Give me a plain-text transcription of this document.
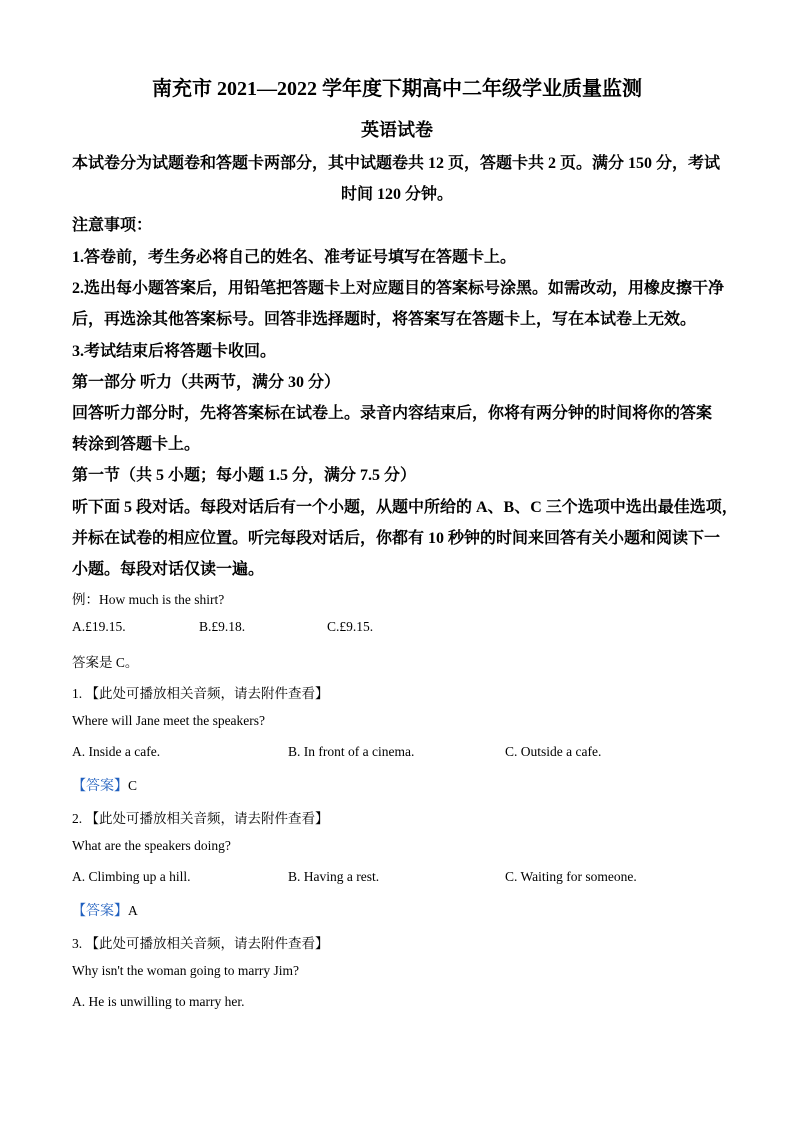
南充市 2021—2022 学年度下期高中二年级学业质量监测
英语试卷
本试卷分为试题卷和答题卡两部分，其中试题卷共 12 页，答题卡共 2 页。满分 150 分，考试
时间 120 分钟。
注意事项：
1.答卷前，考生务必将自己的姓名、准考证号填写在答题卡上。
2.选出每小题答案后，用铅笔把答题卡上对应题目的答案标号涂黑。如需改动，用橡皮擦干净
后，再选涂其他答案标号。回答非选择题时，将答案写在答题卡上，写在本试卷上无效。
3.考试结束后将答题卡收回。
第一部分 听力（共两节，满分 30 分）
回答听力部分时，先将答案标在试卷上。录音内容结束后，你将有两分钟的时间将你的答案
转涂到答题卡上。
第一节（共 5 小题；每小题 1.5 分，满分 7.5 分）
听下面 5 段对话。每段对话后有一个小题，从题中所给的 A、B、C 三个选项中选出最佳选项，
并标在试卷的相应位置。听完每段对话后，你都有 10 秒钟的时间来回答有关小题和阅读下一
小题。每段对话仅读一遍。
例：How much is the shirt?
A.£19.15.	B.£9.18.	C.£9.15.
答案是 C。
1. 【此处可播放相关音频，请去附件查看】
Where will Jane meet the speakers?
A. Inside a cafe.	B. In front of a cinema.	C. Outside a cafe.
【答案】C
2. 【此处可播放相关音频，请去附件查看】
What are the speakers doing?
A. Climbing up a hill.	B. Having a rest.	C. Waiting for someone.
【答案】A
3. 【此处可播放相关音频，请去附件查看】
Why isn't the woman going to marry Jim?
A. He is unwilling to marry her.
